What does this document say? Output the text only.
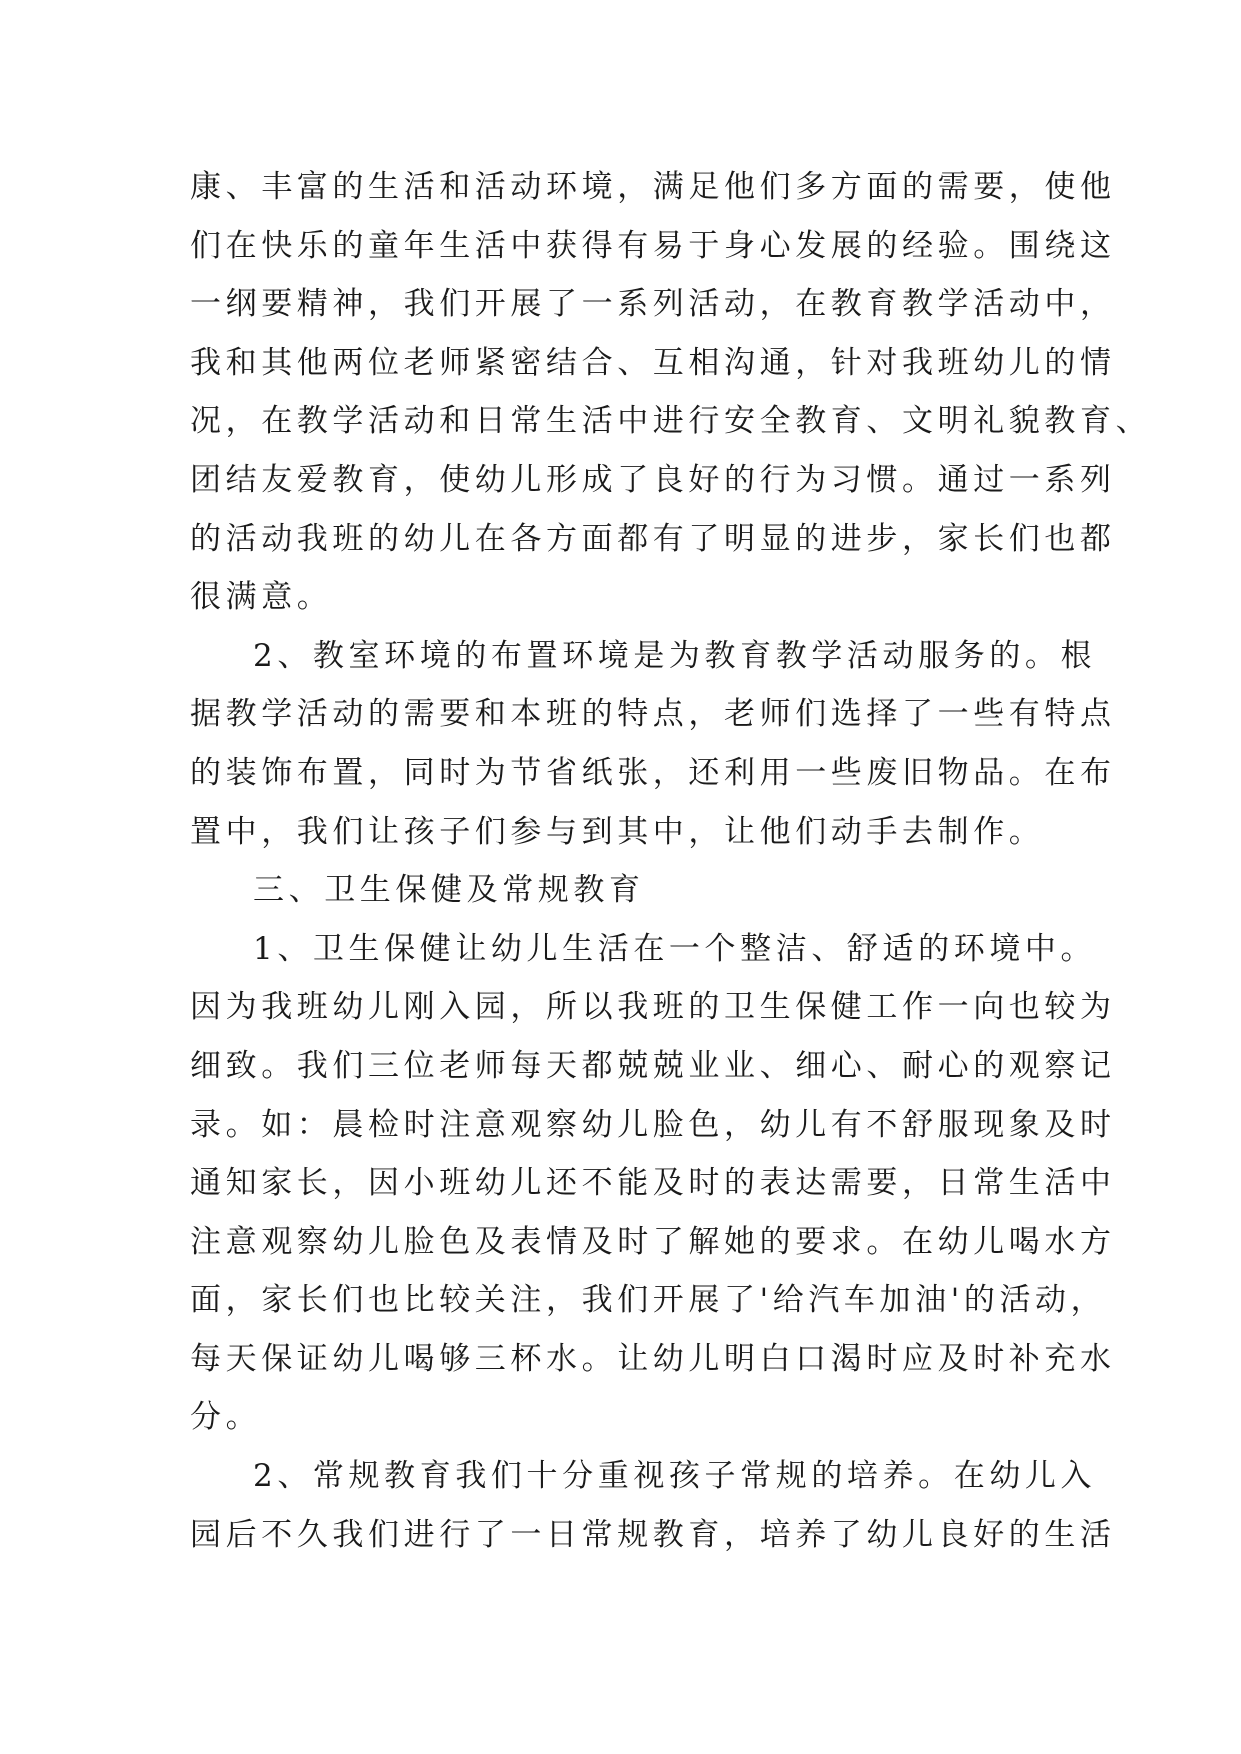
康、丰富的生活和活动环境，满足他们多方面的需要，使他
们在快乐的童年生活中获得有易于身心发展的经验。围绕这
一纲要精神，我们开展了一系列活动，在教育教学活动中，
我和其他两位老师紧密结合、互相沟通，针对我班幼儿的情
况，在教学活动和日常生活中进行安全教育、文明礼貌教育、
团结友爱教育，使幼儿形成了良好的行为习惯。通过一系列
的活动我班的幼儿在各方面都有了明显的进步，家长们也都
很满意。
2、教室环境的布置环境是为教育教学活动服务的。根
据教学活动的需要和本班的特点，老师们选择了一些有特点
的装饰布置，同时为节省纸张，还利用一些废旧物品。在布
置中，我们让孩子们参与到其中，让他们动手去制作。
三、卫生保健及常规教育
1、卫生保健让幼儿生活在一个整洁、舒适的环境中。
因为我班幼儿刚入园，所以我班的卫生保健工作一向也较为
细致。我们三位老师每天都兢兢业业、细心、耐心的观察记
录。如：晨检时注意观察幼儿脸色，幼儿有不舒服现象及时
通知家长，因小班幼儿还不能及时的表达需要，日常生活中
注意观察幼儿脸色及表情及时了解她的要求。在幼儿喝水方
面，家长们也比较关注，我们开展了'给汽车加油'的活动，
每天保证幼儿喝够三杯水。让幼儿明白口渴时应及时补充水
分。
2、常规教育我们十分重视孩子常规的培养。在幼儿入
园后不久我们进行了一日常规教育，培养了幼儿良好的生活
